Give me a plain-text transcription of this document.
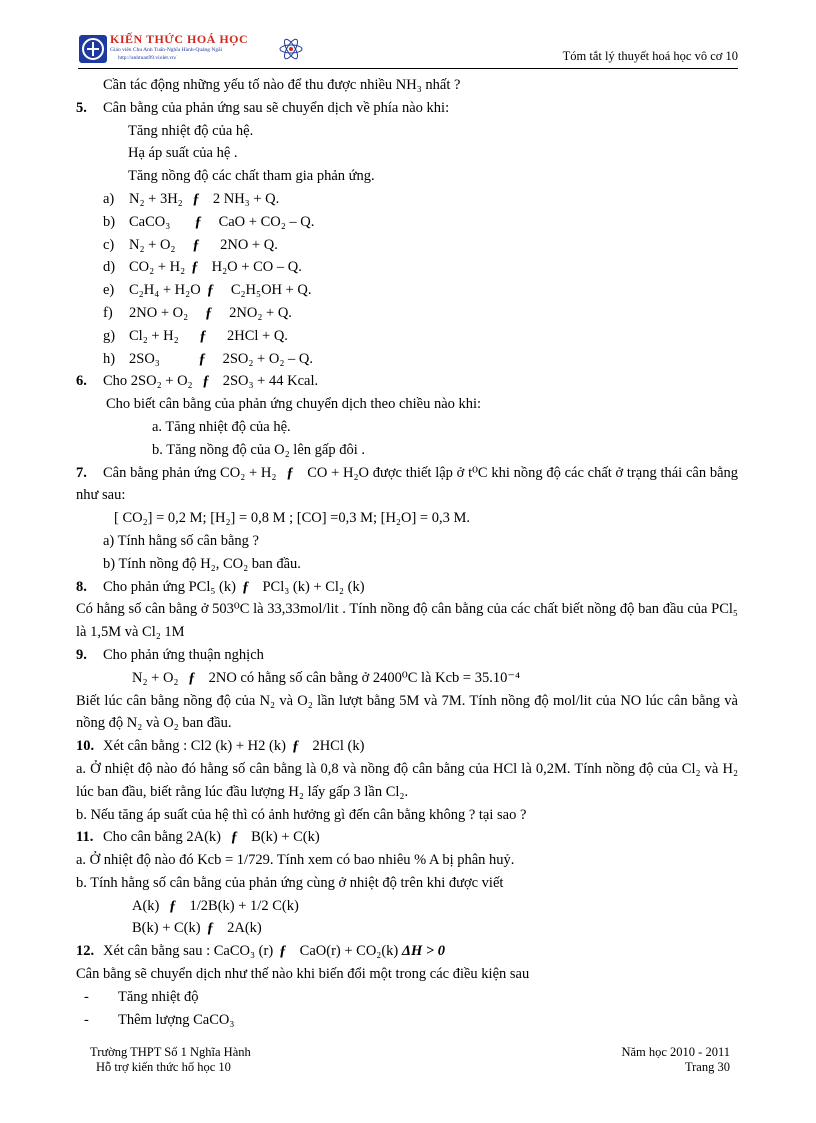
KIẾN THỨC HOÁ HỌC
Giáo viên Chu Anh Tuấn-Nghĩa Hành-Quảng Ngãi
http://anhtuan99.violet.vn/	Tóm tắt lý thuyết hoá học vô cơ 10
Cần tác động những yếu tố nào để thu được nhiều NH₃ nhất ?
5. Cân bằng của phản ứng sau sẽ chuyển dịch về phía nào khi:
Tăng nhiệt độ của hệ.
Hạ áp suất của hệ .
Tăng nồng độ các chất tham gia phản ứng.
a) N₂ + 3H₂ ƒ 2 NH₃ + Q.
b) CaCO₃ ƒ CaO + CO₂ – Q.
c) N₂ + O₂ ƒ 2NO + Q.
d) CO₂ + H₂ ƒ H₂O + CO – Q.
e) C₂H₄ + H₂O ƒ C₂H₅OH + Q.
f) 2NO + O₂ ƒ 2NO₂ + Q.
g) Cl₂ + H₂ ƒ 2HCl + Q.
h) 2SO₃	ƒ 2SO₂ + O₂ – Q.
6. Cho 2SO₂ + O₂ ƒ 2SO₃ + 44 Kcal.
Cho biết cân bằng của phản ứng chuyển dịch theo chiều nào khi:
a. Tăng nhiệt độ của hệ.
b. Tăng nồng độ của O₂ lên gấp đôi .
7. Cân bằng phản ứng CO₂ + H₂ ƒ CO + H₂O được thiết lập ở t⁰C khi nồng độ các chất ở trạng thái cân bằng như sau:
[ CO₂] = 0,2 M; [H₂] = 0,8 M ; [CO] =0,3 M; [H₂O] = 0,3 M.
a) Tính hằng số cân bằng ?
b) Tính nồng độ H₂, CO₂ ban đầu.
8. Cho phản ứng PCl₅ (k) ƒ PCl₃ (k) + Cl₂ (k)
Có hằng số cân bằng ở 503⁰C là 33,33mol/lit . Tính nồng độ cân bằng của các chất biết nồng độ ban đầu của PCl₅ là 1,5M và Cl₂ 1M
9. Cho phản ứng thuận nghịch
N₂ + O₂ ƒ 2NO có hằng số cân bằng ở 2400⁰C là Kcb = 35.10⁻⁴
Biết lúc cân bằng nồng độ của N₂ và O₂ lần lượt bằng 5M và 7M. Tính nồng độ mol/lit của NO lúc cân bằng và nồng độ N₂ và O₂ ban đầu.
10. Xét cân bằng : Cl2 (k) + H2 (k) ƒ 2HCl (k)
a. Ở nhiệt độ nào đó hằng số cân bằng là 0,8 và nồng độ cân bằng của HCl là 0,2M. Tính nồng độ của Cl₂ và H₂ lúc ban đầu, biết rằng lúc đầu lượng H₂ lấy gấp 3 lần Cl₂.
b. Nếu tăng áp suất của hệ thì có ảnh hưởng gì đến cân bằng không ? tại sao ?
11. Cho cân bằng 2A(k) ƒ B(k) + C(k)
a. Ở nhiệt độ nào đó Kcb = 1/729. Tính xem có bao nhiêu % A bị phân huỷ.
b. Tính hằng số cân bằng của phản ứng cùng ở nhiệt độ trên khi được viết
A(k) ƒ 1/2B(k) + 1/2 C(k)
B(k) + C(k) ƒ 2A(k)
12. Xét cân bằng sau : CaCO₃ (r) ƒ CaO(r) + CO₂(k) ΔH > 0
Cân bằng sẽ chuyển dịch như thế nào khi biến đổi một trong các điều kiện sau
- Tăng nhiệt độ
- Thêm lượng CaCO₃
Trường THPT Số 1 Nghĩa Hành
Hỗ trợ kiến thức hố học 10
Năm học 2010 - 2011
Trang 30
